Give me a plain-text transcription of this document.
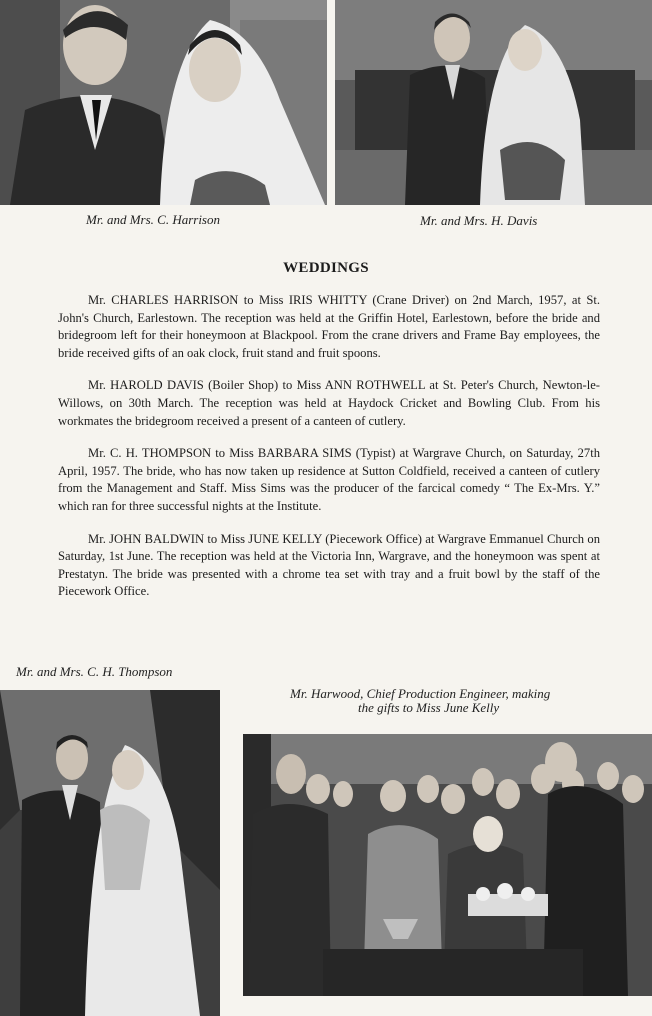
Mr. and Mrs. C. Harrison	Mr. and Mrs. H. Davis
WEDDINGS

Mr. CHARLES HARRISON to Miss IRIS WHITTY (Crane Driver) on 2nd March, 1957, at St. John's Church, Earlestown. The reception was held at the Griffin Hotel, Earlestown, before the bride and bridegroom left for their honeymoon at Blackpool. From the crane drivers and Frame Bay employees, the bride received gifts of an oak clock, fruit stand and fruit spoons.

Mr. HAROLD DAVIS (Boiler Shop) to Miss ANN ROTHWELL at St. Peter's Church, Newton-le-Willows, on 30th March. The reception was held at Haydock Cricket and Bowling Club. From his workmates the bridegroom received a present of a canteen of cutlery.

Mr. C. H. THOMPSON to Miss BARBARA SIMS (Typist) at Wargrave Church, on Saturday, 27th April, 1957. The bride, who has now taken up residence at Sutton Coldfield, received a canteen of cutlery from the Management and Staff. Miss Sims was the producer of the farcical comedy “ The Ex-Mrs. Y.” which ran for three successful nights at the Institute.

Mr. JOHN BALDWIN to Miss JUNE KELLY (Piecework Office) at Wargrave Emmanuel Church on Saturday, 1st June. The reception was held at the Victoria Inn, Wargrave, and the honeymoon was spent at Prestatyn. The bride was presented with a chrome tea set with tray and a fruit bowl by the staff of the Piecework Office.

Mr. and Mrs. C. H. Thompson
Mr. Harwood, Chief Production Engineer, making
the gifts to Miss June Kelly
